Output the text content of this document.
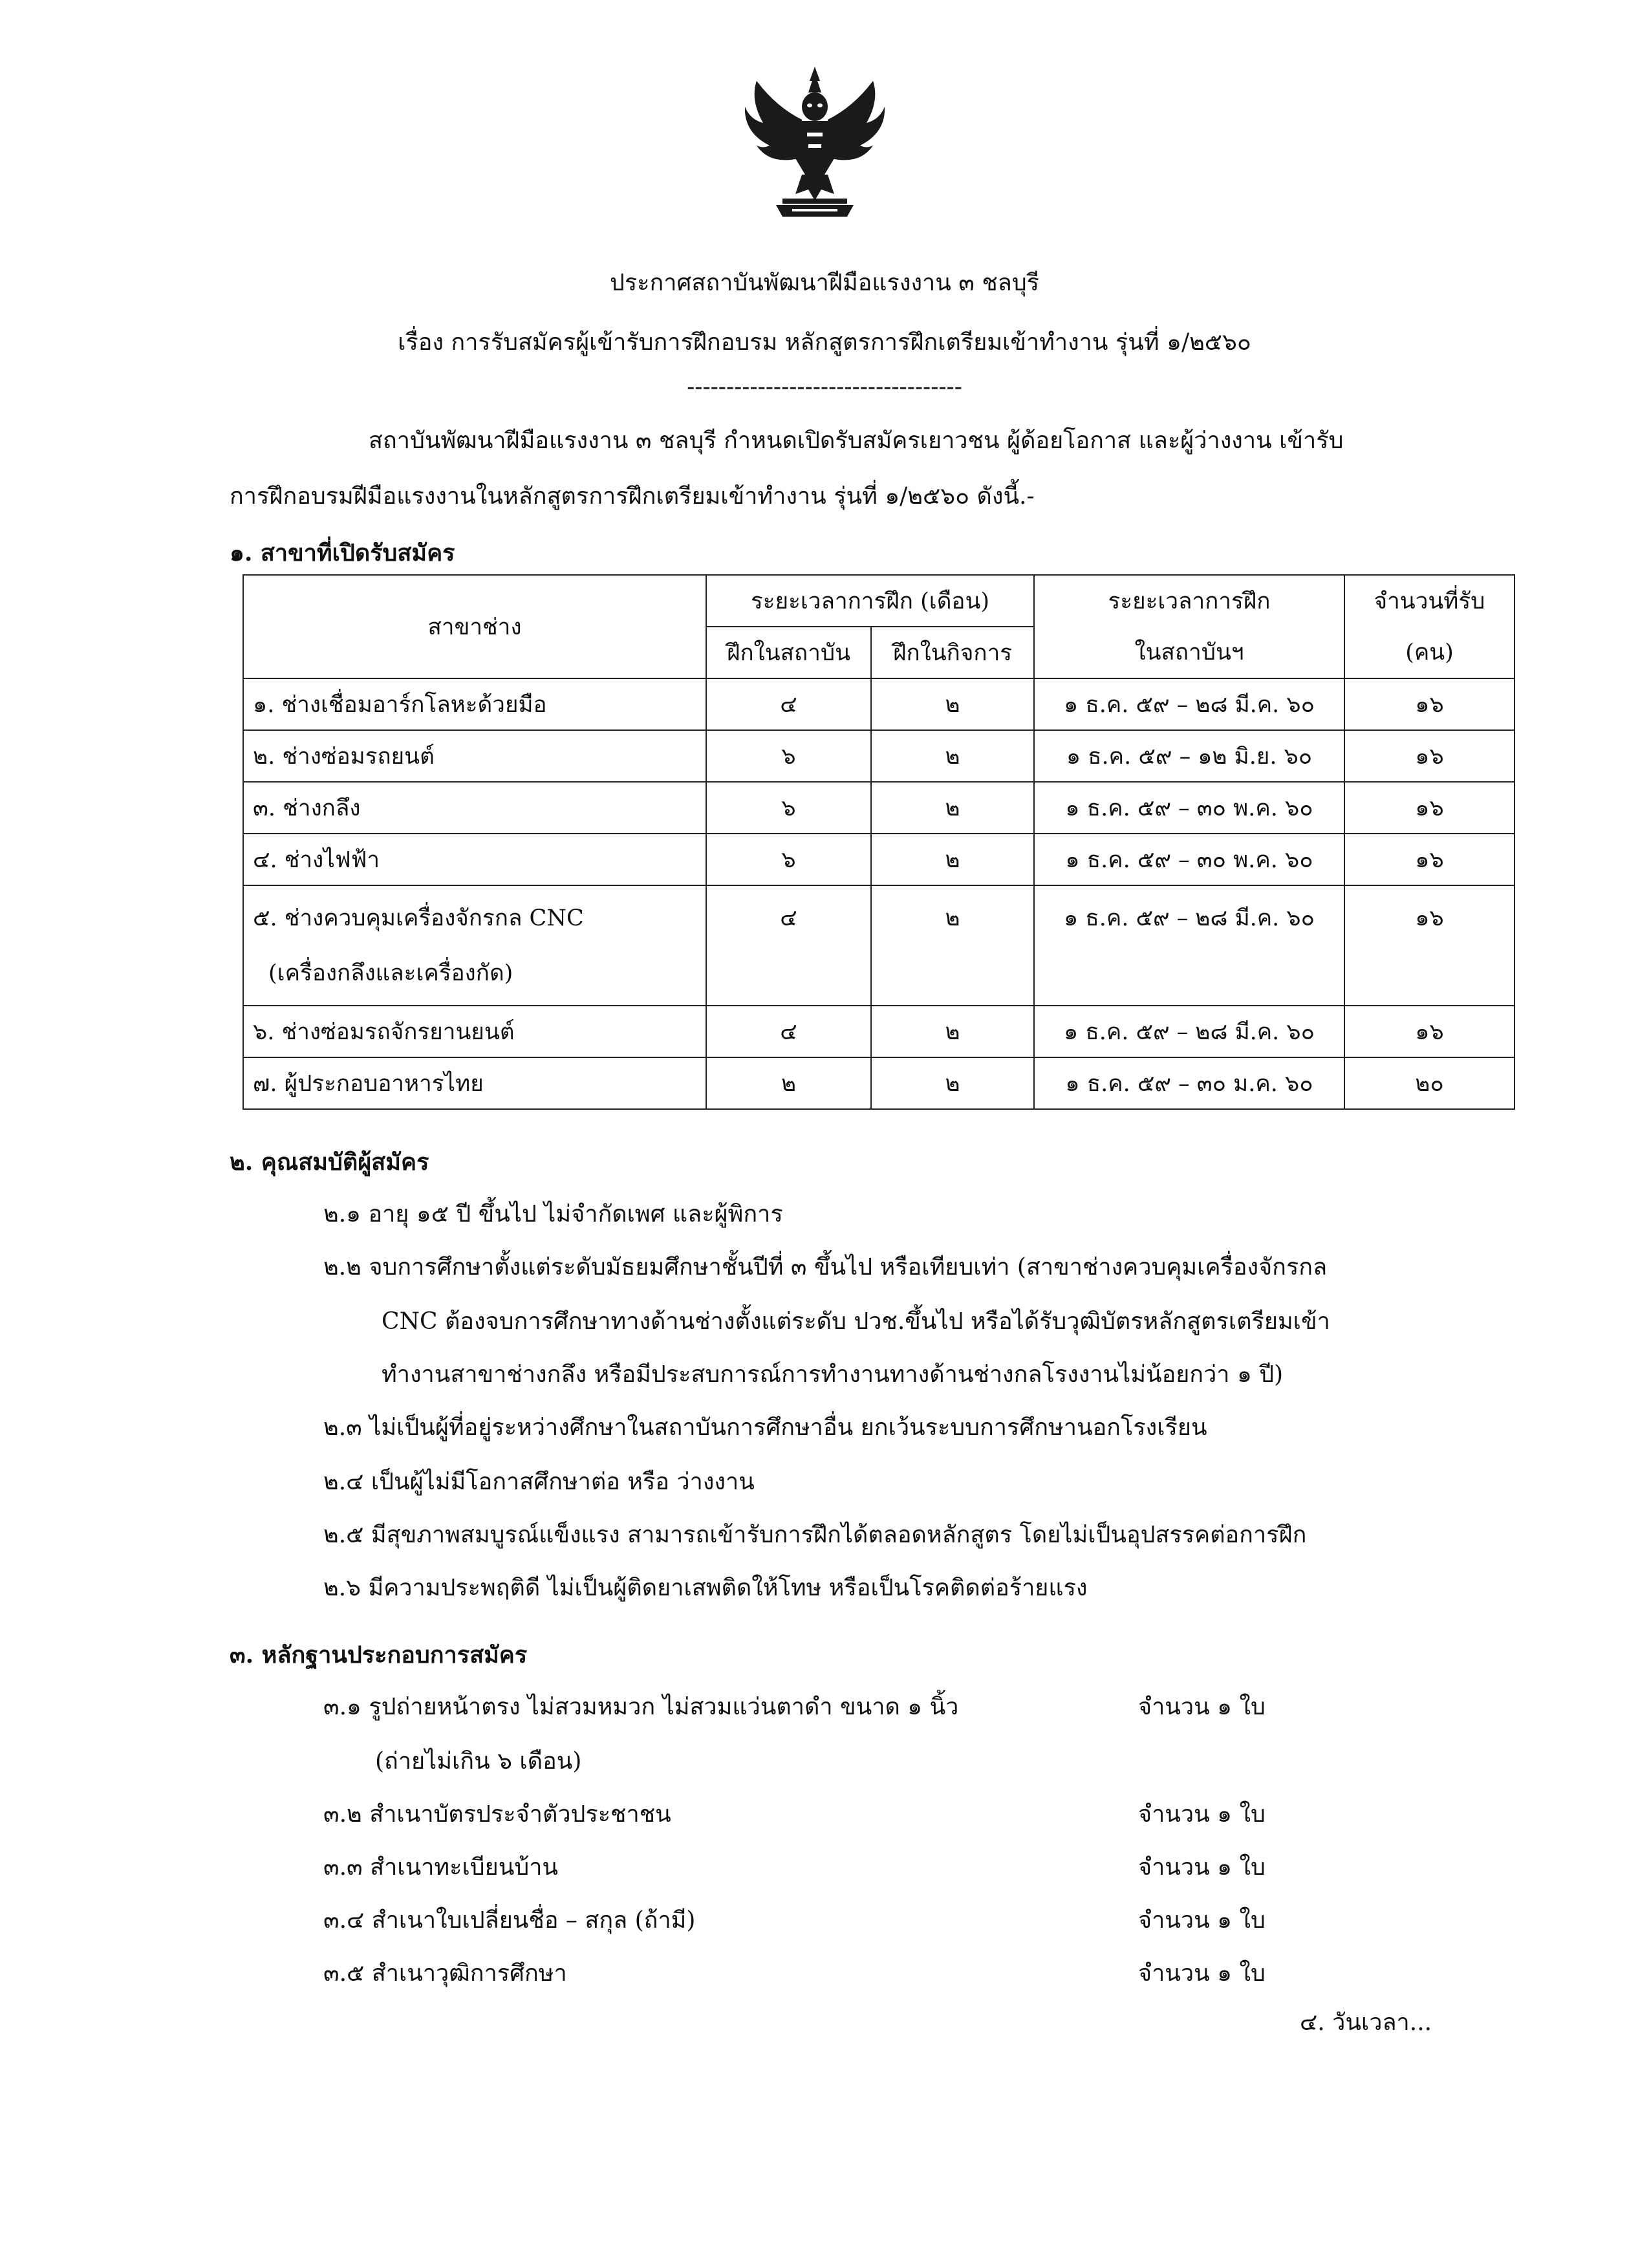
ประกาศสถาบันพัฒนาฝีมือแรงงาน ๓ ชลบุรี
เรื่อง การรับสมัครผู้เข้ารับการฝึกอบรม หลักสูตรการฝึกเตรียมเข้าทำงาน รุ่นที่ ๑/๒๕๖๐
-----------------------------------
สถาบันพัฒนาฝีมือแรงงาน ๓ ชลบุรี กำหนดเปิดรับสมัครเยาวชน ผู้ด้อยโอกาส และผู้ว่างงาน เข้ารับ
การฝึกอบรมฝีมือแรงงานในหลักสูตรการฝึกเตรียมเข้าทำงาน รุ่นที่ ๑/๒๕๖๐ ดังนี้.-
๑. สาขาที่เปิดรับสมัคร
สาขาช่าง	ระยะเวลาการฝึก (เดือน)		ระยะเวลาการฝึก	จำนวนที่รับ
	ฝึกในสถาบัน	ฝึกในกิจการ	ในสถาบันฯ	(คน)
๑. ช่างเชื่อมอาร์กโลหะด้วยมือ	๔	๒	๑ ธ.ค. ๕๙ – ๒๘ มี.ค. ๖๐	๑๖
๒. ช่างซ่อมรถยนต์	๖	๒	๑ ธ.ค. ๕๙ – ๑๒ มิ.ย. ๖๐	๑๖
๓. ช่างกลึง	๖	๒	๑ ธ.ค. ๕๙ – ๓๐ พ.ค. ๖๐	๑๖
๔. ช่างไฟฟ้า	๖	๒	๑ ธ.ค. ๕๙ – ๓๐ พ.ค. ๖๐	๑๖

๕. ช่างควบคุมเครื่องจักรกล CNC
(เครื่องกลึงและเครื่องกัด)	๔	๒	๑ ธ.ค. ๕๙ – ๒๘ มี.ค. ๖๐	๑๖
๖. ช่างซ่อมรถจักรยานยนต์	๔	๒	๑ ธ.ค. ๕๙ – ๒๘ มี.ค. ๖๐	๑๖
๗. ผู้ประกอบอาหารไทย	๒	๒	๑ ธ.ค. ๕๙ – ๓๐ ม.ค. ๖๐	๒๐
๒. คุณสมบัติผู้สมัคร
๒.๑ อายุ ๑๕ ปี ขึ้นไป ไม่จำกัดเพศ และผู้พิการ
๒.๒ จบการศึกษาตั้งแต่ระดับมัธยมศึกษาชั้นปีที่ ๓ ขึ้นไป หรือเทียบเท่า (สาขาช่างควบคุมเครื่องจักรกล
CNC ต้องจบการศึกษาทางด้านช่างตั้งแต่ระดับ ปวช.ขึ้นไป หรือได้รับวุฒิบัตรหลักสูตรเตรียมเข้า
ทำงานสาขาช่างกลึง หรือมีประสบการณ์การทำงานทางด้านช่างกลโรงงานไม่น้อยกว่า ๑ ปี)
๒.๓ ไม่เป็นผู้ที่อยู่ระหว่างศึกษาในสถาบันการศึกษาอื่น ยกเว้นระบบการศึกษานอกโรงเรียน
๒.๔ เป็นผู้ไม่มีโอกาสศึกษาต่อ หรือ ว่างงาน
๒.๕ มีสุขภาพสมบูรณ์แข็งแรง สามารถเข้ารับการฝึกได้ตลอดหลักสูตร โดยไม่เป็นอุปสรรคต่อการฝึก
๒.๖ มีความประพฤติดี ไม่เป็นผู้ติดยาเสพติดให้โทษ หรือเป็นโรคติดต่อร้ายแรง
๓. หลักฐานประกอบการสมัคร
๓.๑ รูปถ่ายหน้าตรง ไม่สวมหมวก ไม่สวมแว่นตาดำ ขนาด ๑ นิ้ว	จำนวน ๑ ใบ
(ถ่ายไม่เกิน ๖ เดือน)
๓.๒ สำเนาบัตรประจำตัวประชาชน	จำนวน ๑ ใบ
๓.๓ สำเนาทะเบียนบ้าน	จำนวน ๑ ใบ
๓.๔ สำเนาใบเปลี่ยนชื่อ – สกุล (ถ้ามี)	จำนวน ๑ ใบ
๓.๕ สำเนาวุฒิการศึกษา	จำนวน ๑ ใบ
๔. วันเวลา...
